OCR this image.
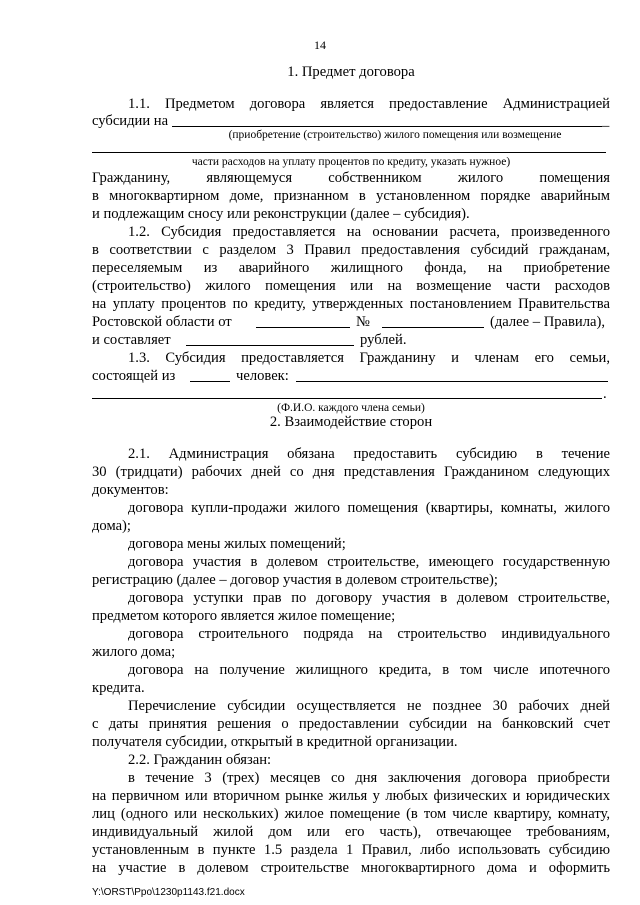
14
1. Предмет договора
1.1. Предметом договора является предоставление Администрацией
субсидии на	_
(приобретение (строительство) жилого помещения или возмещение
части расходов на уплату процентов по кредиту, указать нужное)
Гражданину, являющемуся собственником жилого помещения
в многоквартирном доме, признанном в установленном порядке аварийным
и подлежащим сносу или реконструкции (далее – субсидия).
1.2. Субсидия предоставляется на основании расчета, произведенного
в соответствии с разделом 3 Правил предоставления субсидий гражданам,
переселяемым из аварийного жилищного фонда, на приобретение
(строительство) жилого помещения или на возмещение части расходов
на уплату процентов по кредиту, утвержденных постановлением Правительства
Ростовской области от	№	(далее – Правила),
и составляет	рублей.
1.3. Субсидия предоставляется Гражданину и членам его семьи,
состоящей из	человек:
.
(Ф.И.О. каждого члена семьи)
2. Взаимодействие сторон
2.1. Администрация обязана предоставить субсидию в течение
30 (тридцати) рабочих дней со дня представления Гражданином следующих
документов:
договора купли-продажи жилого помещения (квартиры, комнаты, жилого
дома);
договора мены жилых помещений;
договора участия в долевом строительстве, имеющего государственную
регистрацию (далее – договор участия в долевом строительстве);
договора уступки прав по договору участия в долевом строительстве,
предметом которого является жилое помещение;
договора строительного подряда на строительство индивидуального
жилого дома;
договора на получение жилищного кредита, в том числе ипотечного
кредита.
Перечисление субсидии осуществляется не позднее 30 рабочих дней
с даты принятия решения о предоставлении субсидии на банковский счет
получателя субсидии, открытый в кредитной организации.
2.2. Гражданин обязан:
в течение 3 (трех) месяцев со дня заключения договора приобрести
на первичном или вторичном рынке жилья у любых физических и юридических
лиц (одного или нескольких) жилое помещение (в том числе квартиру, комнату,
индивидуальный жилой дом или его часть), отвечающее требованиям,
установленным в пункте 1.5 раздела 1 Правил, либо использовать субсидию
на участие в долевом строительстве многоквартирного дома и оформить
Y:\ORST\Ppo\1230p1143.f21.docx
